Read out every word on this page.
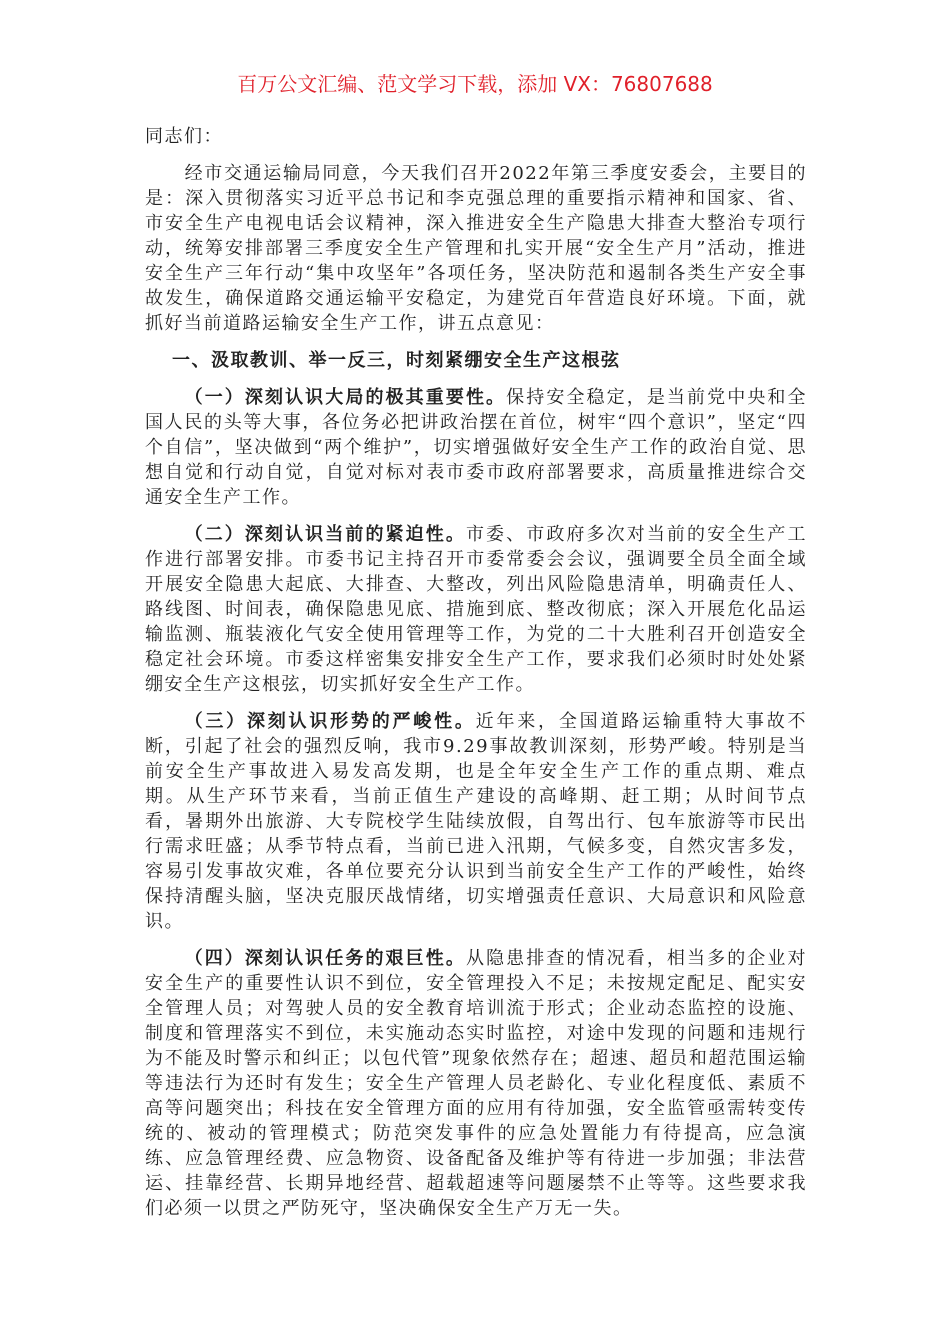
百万公文汇编、范文学习下载，添加 VX：76807688

同志们：

经市交通运输局同意，今天我们召开2022年第三季度安委会，主要目的是：深入贯彻落实习近平总书记和李克强总理的重要指示精神和国家、省、市安全生产电视电话会议精神，深入推进安全生产隐患大排查大整治专项行动，统筹安排部署三季度安全生产管理和扎实开展“安全生产月”活动，推进安全生产三年行动“集中攻坚年”各项任务，坚决防范和遏制各类生产安全事故发生，确保道路交通运输平安稳定，为建党百年营造良好环境。下面，就抓好当前道路运输安全生产工作，讲五点意见：

一、汲取教训、举一反三，时刻紧绷安全生产这根弦

（一）深刻认识大局的极其重要性。保持安全稳定，是当前党中央和全国人民的头等大事，各位务必把讲政治摆在首位，树牢“四个意识”，坚定“四个自信”，坚决做到“两个维护”，切实增强做好安全生产工作的政治自觉、思想自觉和行动自觉，自觉对标对表市委市政府部署要求，高质量推进综合交通安全生产工作。

（二）深刻认识当前的紧迫性。市委、市政府多次对当前的安全生产工作进行部署安排。市委书记主持召开市委常委会会议，强调要全员全面全域开展安全隐患大起底、大排查、大整改，列出风险隐患清单，明确责任人、路线图、时间表，确保隐患见底、措施到底、整改彻底；深入开展危化品运输监测、瓶装液化气安全使用管理等工作，为党的二十大胜利召开创造安全稳定社会环境。市委这样密集安排安全生产工作，要求我们必须时时处处紧绷安全生产这根弦，切实抓好安全生产工作。

（三）深刻认识形势的严峻性。近年来，全国道路运输重特大事故不断，引起了社会的强烈反响，我市9.29事故教训深刻，形势严峻。特别是当前安全生产事故进入易发高发期，也是全年安全生产工作的重点期、难点期。从生产环节来看，当前正值生产建设的高峰期、赶工期；从时间节点看，暑期外出旅游、大专院校学生陆续放假，自驾出行、包车旅游等市民出行需求旺盛；从季节特点看，当前已进入汛期，气候多变，自然灾害多发，容易引发事故灾难，各单位要充分认识到当前安全生产工作的严峻性，始终保持清醒头脑，坚决克服厌战情绪，切实增强责任意识、大局意识和风险意识。

（四）深刻认识任务的艰巨性。从隐患排查的情况看，相当多的企业对安全生产的重要性认识不到位，安全管理投入不足；未按规定配足、配实安全管理人员；对驾驶人员的安全教育培训流于形式；企业动态监控的设施、制度和管理落实不到位，未实施动态实时监控，对途中发现的问题和违规行为不能及时警示和纠正；以包代管”现象依然存在；超速、超员和超范围运输等违法行为还时有发生；安全生产管理人员老龄化、专业化程度低、素质不高等问题突出；科技在安全管理方面的应用有待加强，安全监管亟需转变传统的、被动的管理模式；防范突发事件的应急处置能力有待提高，应急演练、应急管理经费、应急物资、设备配备及维护等有待进一步加强；非法营运、挂靠经营、长期异地经营、超载超速等问题屡禁不止等等。这些要求我们必须一以贯之严防死守，坚决确保安全生产万无一失。
